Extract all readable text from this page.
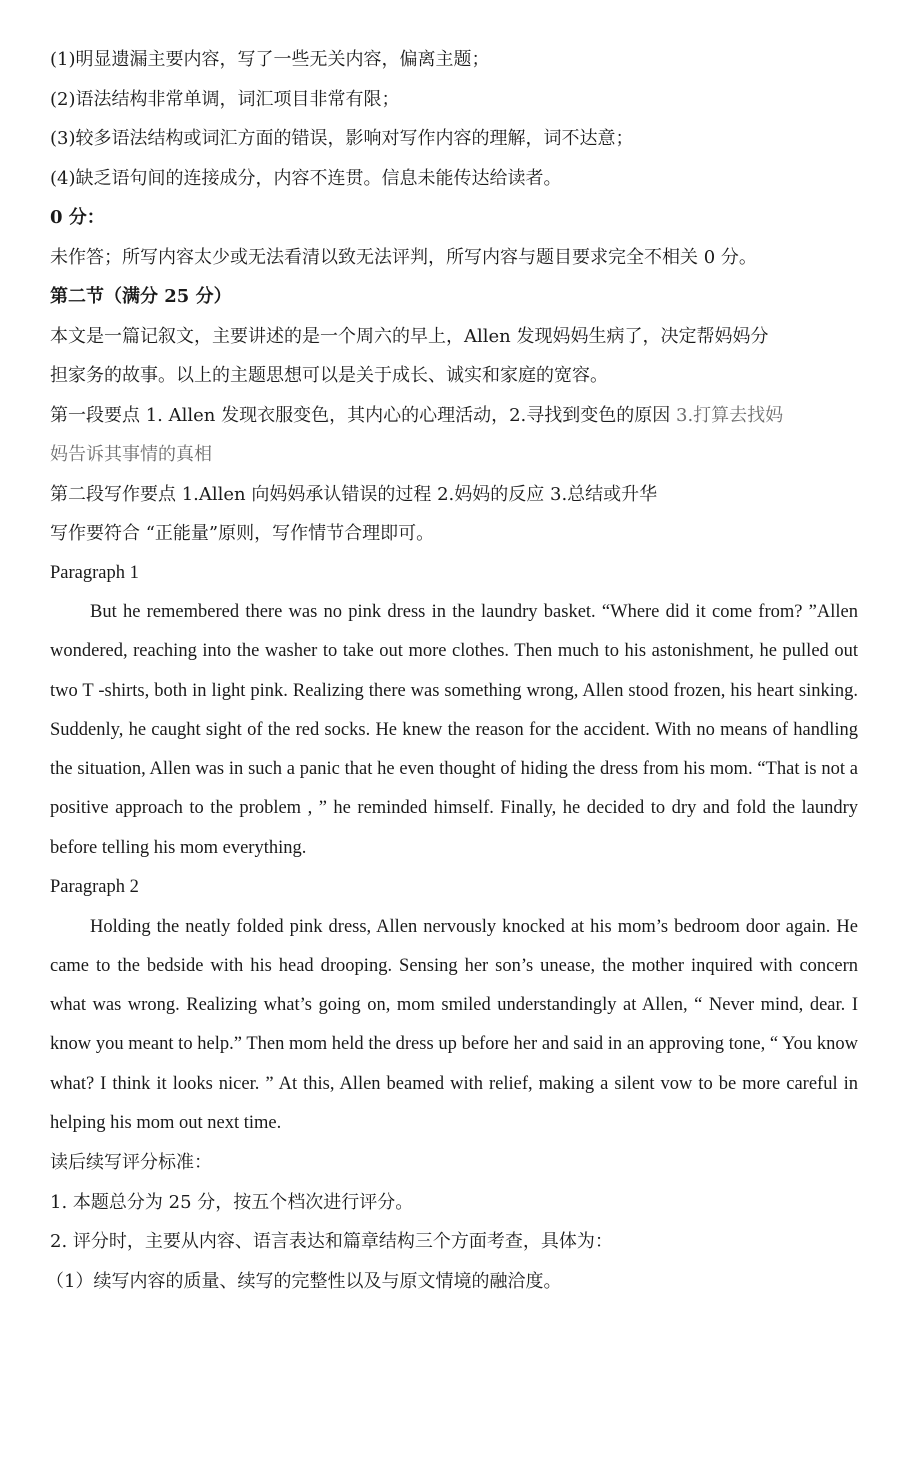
(1)明显遗漏主要内容，写了一些无关内容，偏离主题；
(2)语法结构非常单调，词汇项目非常有限；
(3)较多语法结构或词汇方面的错误，影响对写作内容的理解，词不达意；
(4)缺乏语句间的连接成分，内容不连贯。信息未能传达给读者。
0 分：
未作答；所写内容太少或无法看清以致无法评判，所写内容与题目要求完全不相关 0 分。
第二节（满分 25 分）
本文是一篇记叙文，主要讲述的是一个周六的早上，Allen 发现妈妈生病了，决定帮妈妈分
担家务的故事。以上的主题思想可以是关于成长、诚实和家庭的宽容。
第一段要点 1. Allen 发现衣服变色，其内心的心理活动，2.寻找到变色的原因 3.打算去找妈
妈告诉其事情的真相
第二段写作要点 1.Allen 向妈妈承认错误的过程 2.妈妈的反应 3.总结或升华
写作要符合 “正能量”原则，写作情节合理即可。
Paragraph 1
But he remembered there was no pink dress in the laundry basket. “Where did it come from? ”Allen wondered, reaching into the washer to take out more clothes. Then much to his astonishment, he pulled out two T -shirts, both in light pink. Realizing there was something wrong, Allen stood frozen, his heart sinking. Suddenly, he caught sight of the red socks. He knew the reason for the accident. With no means of handling the situation, Allen was in such a panic that he even thought of hiding the dress from his mom. “That is not a positive approach to the problem , ” he reminded himself. Finally, he decided to dry and fold the laundry before telling his mom everything.
Paragraph 2
Holding the neatly folded pink dress, Allen nervously knocked at his mom’s bedroom door again. He came to the bedside with his head drooping. Sensing her son’s unease, the mother inquired with concern what was wrong. Realizing what’s going on, mom smiled understandingly at Allen, “ Never mind, dear. I know you meant to help.” Then mom held the dress up before her and said in an approving tone, “ You know what? I think it looks nicer. ” At this, Allen beamed with relief, making a silent vow to be more careful in helping his mom out next time.
读后续写评分标准：
1. 本题总分为 25 分，按五个档次进行评分。
2. 评分时，主要从内容、语言表达和篇章结构三个方面考查，具体为：
（1）续写内容的质量、续写的完整性以及与原文情境的融洽度。
